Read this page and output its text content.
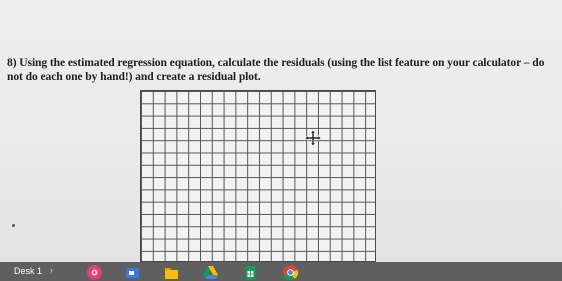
8) Using the estimated regression equation, calculate the residuals (using the list feature on your calculator – do not do each one by hand!) and create a residual plot.
Desk 1 ›
